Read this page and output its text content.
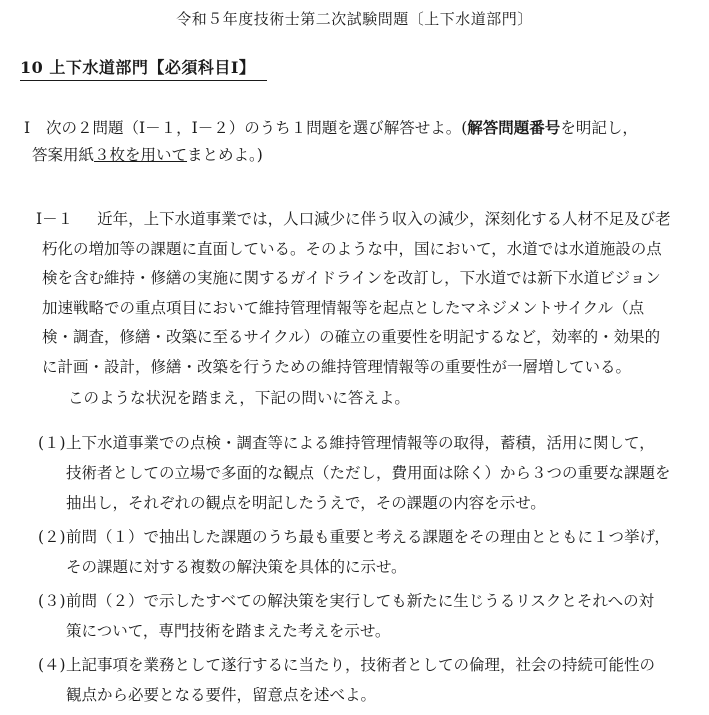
令和５年度技術士第二次試験問題〔上下水道部門〕
10 上下水道部門【必須科目Ⅰ】

Ⅰ 次の２問題（Ⅰ－１，Ⅰ－２）のうち１問題を選び解答せよ。(解答問題番号を明記し，

答案用紙３枚を用いてまとめよ。)

Ⅰ－１ 近年，上下水道事業では，人口減少に伴う収入の減少，深刻化する人材不足及び老

朽化の増加等の課題に直面している。そのような中，国において，水道では水道施設の点

検を含む維持・修繕の実施に関するガイドラインを改訂し，下水道では新下水道ビジョン

加速戦略での重点項目において維持管理情報等を起点としたマネジメントサイクル（点

検・調査，修繕・改築に至るサイクル）の確立の重要性を明記するなど，効率的・効果的

に計画・設計，修繕・改築を行うための維持管理情報等の重要性が一層増している。

このような状況を踏まえ，下記の問いに答えよ。

(１)上下水道事業での点検・調査等による維持管理情報等の取得，蓄積，活用に関して，

技術者としての立場で多面的な観点（ただし，費用面は除く）から３つの重要な課題を

抽出し，それぞれの観点を明記したうえで，その課題の内容を示せ。

(２)前問（１）で抽出した課題のうち最も重要と考える課題をその理由とともに１つ挙げ，

その課題に対する複数の解決策を具体的に示せ。

(３)前問（２）で示したすべての解決策を実行しても新たに生じうるリスクとそれへの対

策について，専門技術を踏まえた考えを示せ。

(４)上記事項を業務として遂行するに当たり，技術者としての倫理，社会の持続可能性の

観点から必要となる要件，留意点を述べよ。
